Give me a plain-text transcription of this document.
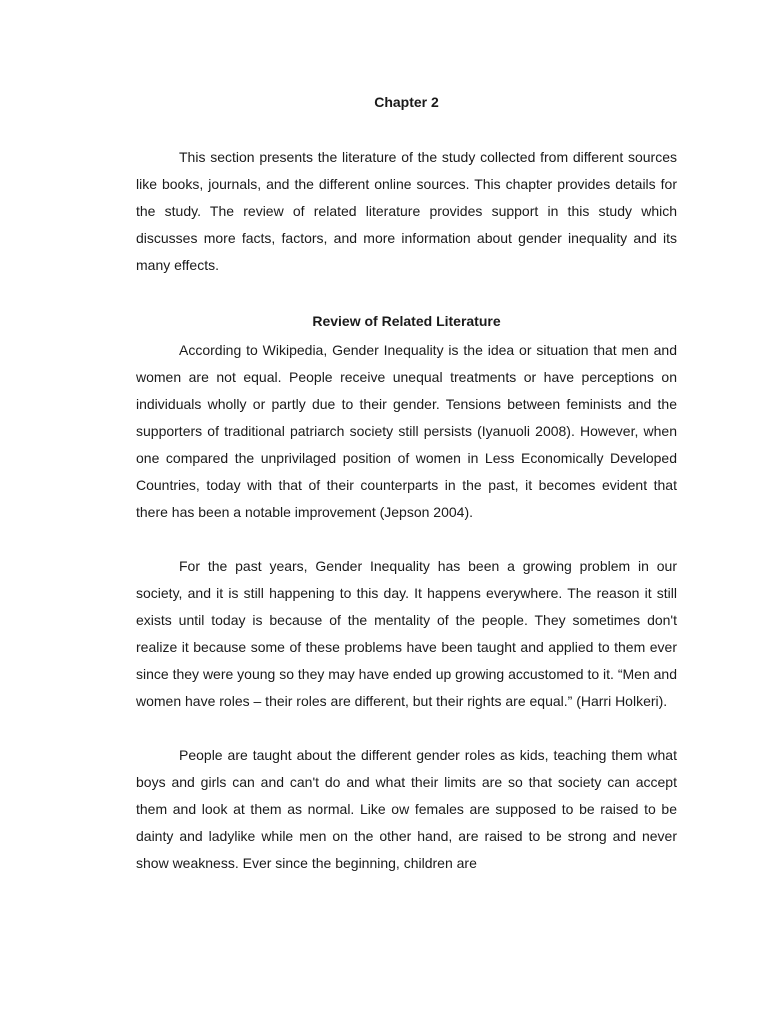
Chapter 2

This section presents the literature of the study collected from different sources like books, journals, and the different online sources. This chapter provides details for the study. The review of related literature provides support in this study which discusses more facts, factors, and more information about gender inequality and its many effects.

Review of Related Literature

According to Wikipedia, Gender Inequality is the idea or situation that men and women are not equal. People receive unequal treatments or have perceptions on individuals wholly or partly due to their gender. Tensions between feminists and the supporters of traditional patriarch society still persists (Iyanuoli 2008). However, when one compared the unprivilaged position of women in Less Economically Developed Countries, today with that of their counterparts in the past, it becomes evident that there has been a notable improvement (Jepson 2004).

For the past years, Gender Inequality has been a growing problem in our society, and it is still happening to this day. It happens everywhere. The reason it still exists until today is because of the mentality of the people. They sometimes don't realize it because some of these problems have been taught and applied to them ever since they were young so they may have ended up growing accustomed to it. “Men and women have roles – their roles are different, but their rights are equal.” (Harri Holkeri).

People are taught about the different gender roles as kids, teaching them what boys and girls can and can't do and what their limits are so that society can accept them and look at them as normal. Like ow females are supposed to be raised to be dainty and ladylike while men on the other hand, are raised to be strong and never show weakness. Ever since the beginning, children are
